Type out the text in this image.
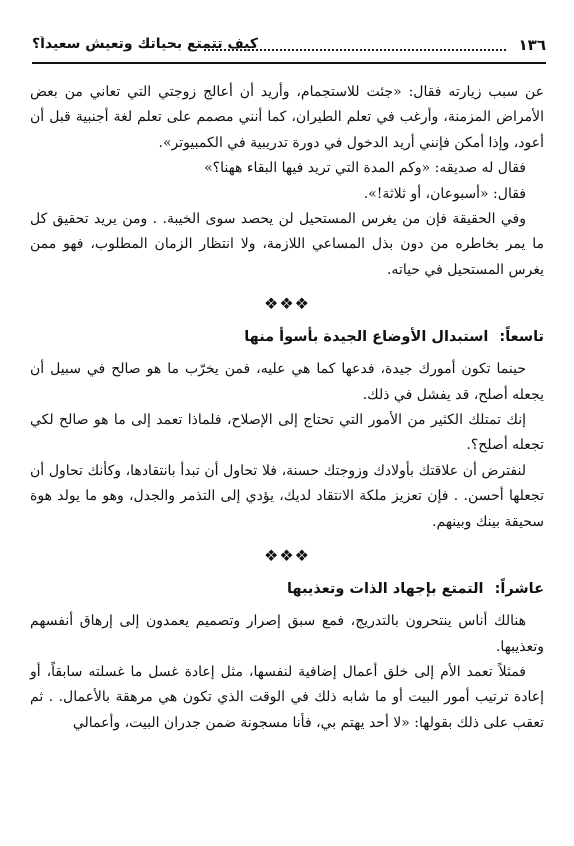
١٣٦
كيف تتمتع بحياتك وتعيش سعيداً؟

عن سبب زيارته فقال: «جئت للاستجمام، وأريد أن أعالج زوجتي التي تعاني من بعض الأمراض المزمنة، وأرغب في تعلم الطيران، كما أنني مصمم على تعلم لغة أجنبية قبل أن أعود، وإذا أمكن فإنني أريد الدخول في دورة تدريبية في الكمبيوتر».

فقال له صديقه: «وكم المدة التي تريد فيها البقاء ههنا؟»

فقال: «أسبوعان، أو ثلاثة!».

وفي الحقيقة فإن من يغرس المستحيل لن يحصد سوى الخيبة. . ومن يريد تحقيق كل ما يمر بخاطره من دون بذل المساعي اللازمة، ولا انتظار الزمان المطلوب، فهو ممن يغرس المستحيل في حياته.

❖❖❖
تاسعاً: استبدال الأوضاع الجيدة بأسوأ منها

حينما تكون أمورك جيدة، فدعها كما هي عليه، فمن يخرّب ما هو صالح في سبيل أن يجعله أصلح، قد يفشل في ذلك.

إنك تمتلك الكثير من الأمور التي تحتاج إلى الإصلاح، فلماذا تعمد إلى ما هو صالح لكي تجعله أصلح؟.

لنفترض أن علاقتك بأولادك وزوجتك حسنة، فلا تحاول أن تبدأ بانتقادها، وكأنك تحاول أن تجعلها أحسن. . فإن تعزيز ملكة الانتقاد لديك، يؤدي إلى التذمر والجدل، وهو ما يولد هوة سحيقة بينك وبينهم.

❖❖❖
عاشراً: التمتع بإجهاد الذات وتعذيبها

هنالك أناس ينتحرون بالتدريج، فمع سبق إصرار وتصميم يعمدون إلى إرهاق أنفسهم وتعذيبها.

فمثلاً تعمد الأم إلى خلق أعمال إضافية لنفسها، مثل إعادة غسل ما غسلته سابقاً، أو إعادة ترتيب أمور البيت أو ما شابه ذلك في الوقت الذي تكون هي مرهقة بالأعمال. . ثم تعقب على ذلك بقولها: «لا أحد يهتم بي، فأنا مسجونة ضمن جدران البيت، وأعمالي
